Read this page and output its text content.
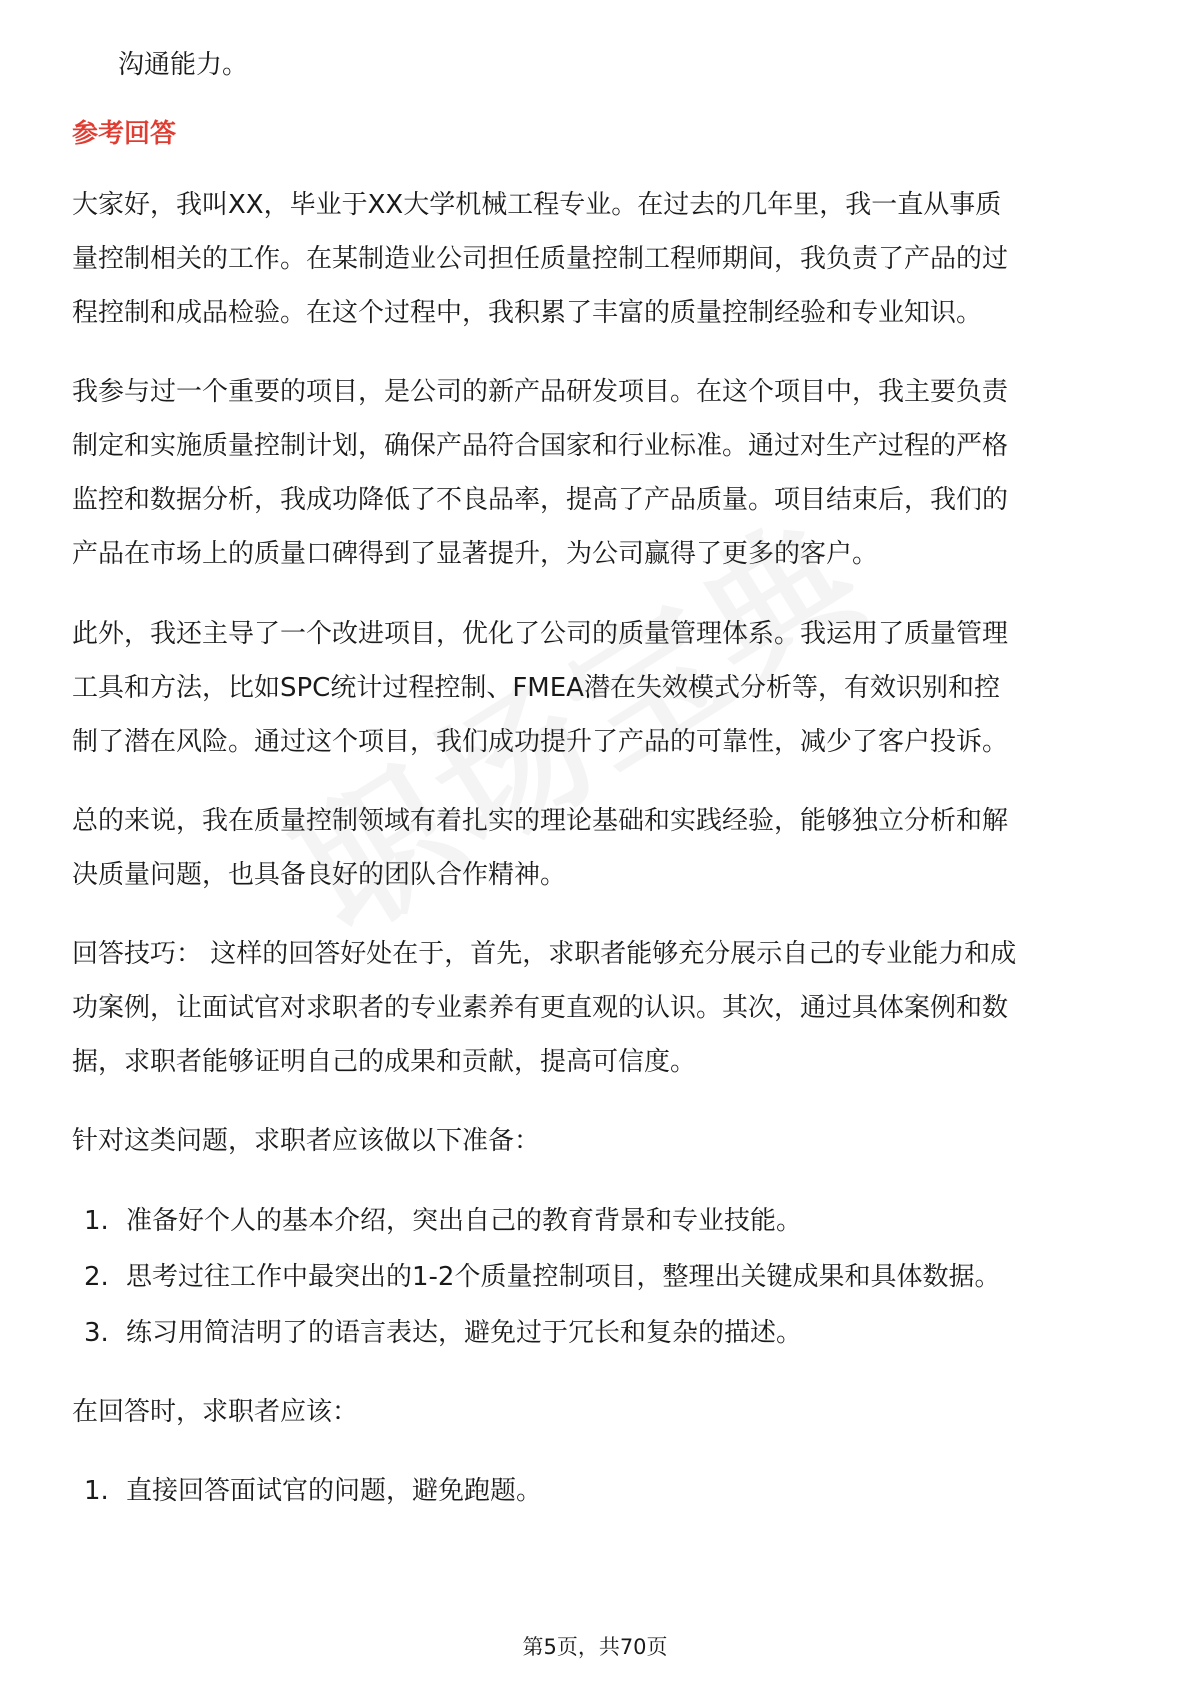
沟通能力。
参考回答
大家好，我叫XX，毕业于XX大学机械工程专业。在过去的几年里，我一直从事质
量控制相关的工作。在某制造业公司担任质量控制工程师期间，我负责了产品的过
程控制和成品检验。在这个过程中，我积累了丰富的质量控制经验和专业知识。
我参与过一个重要的项目，是公司的新产品研发项目。在这个项目中，我主要负责
制定和实施质量控制计划，确保产品符合国家和行业标准。通过对生产过程的严格
监控和数据分析，我成功降低了不良品率，提高了产品质量。项目结束后，我们的
产品在市场上的质量口碑得到了显著提升，为公司赢得了更多的客户。
此外，我还主导了一个改进项目，优化了公司的质量管理体系。我运用了质量管理
工具和方法，比如SPC统计过程控制、FMEA潜在失效模式分析等，有效识别和控
制了潜在风险。通过这个项目，我们成功提升了产品的可靠性，减少了客户投诉。
总的来说，我在质量控制领域有着扎实的理论基础和实践经验，能够独立分析和解
决质量问题，也具备良好的团队合作精神。
回答技巧： 这样的回答好处在于，首先，求职者能够充分展示自己的专业能力和成
功案例，让面试官对求职者的专业素养有更直观的认识。其次，通过具体案例和数
据，求职者能够证明自己的成果和贡献，提高可信度。
针对这类问题，求职者应该做以下准备：
1. 准备好个人的基本介绍，突出自己的教育背景和专业技能。
2. 思考过往工作中最突出的1-2个质量控制项目，整理出关键成果和具体数据。
3. 练习用简洁明了的语言表达，避免过于冗长和复杂的描述。
在回答时，求职者应该：
1. 直接回答面试官的问题，避免跑题。
第5页，共70页
